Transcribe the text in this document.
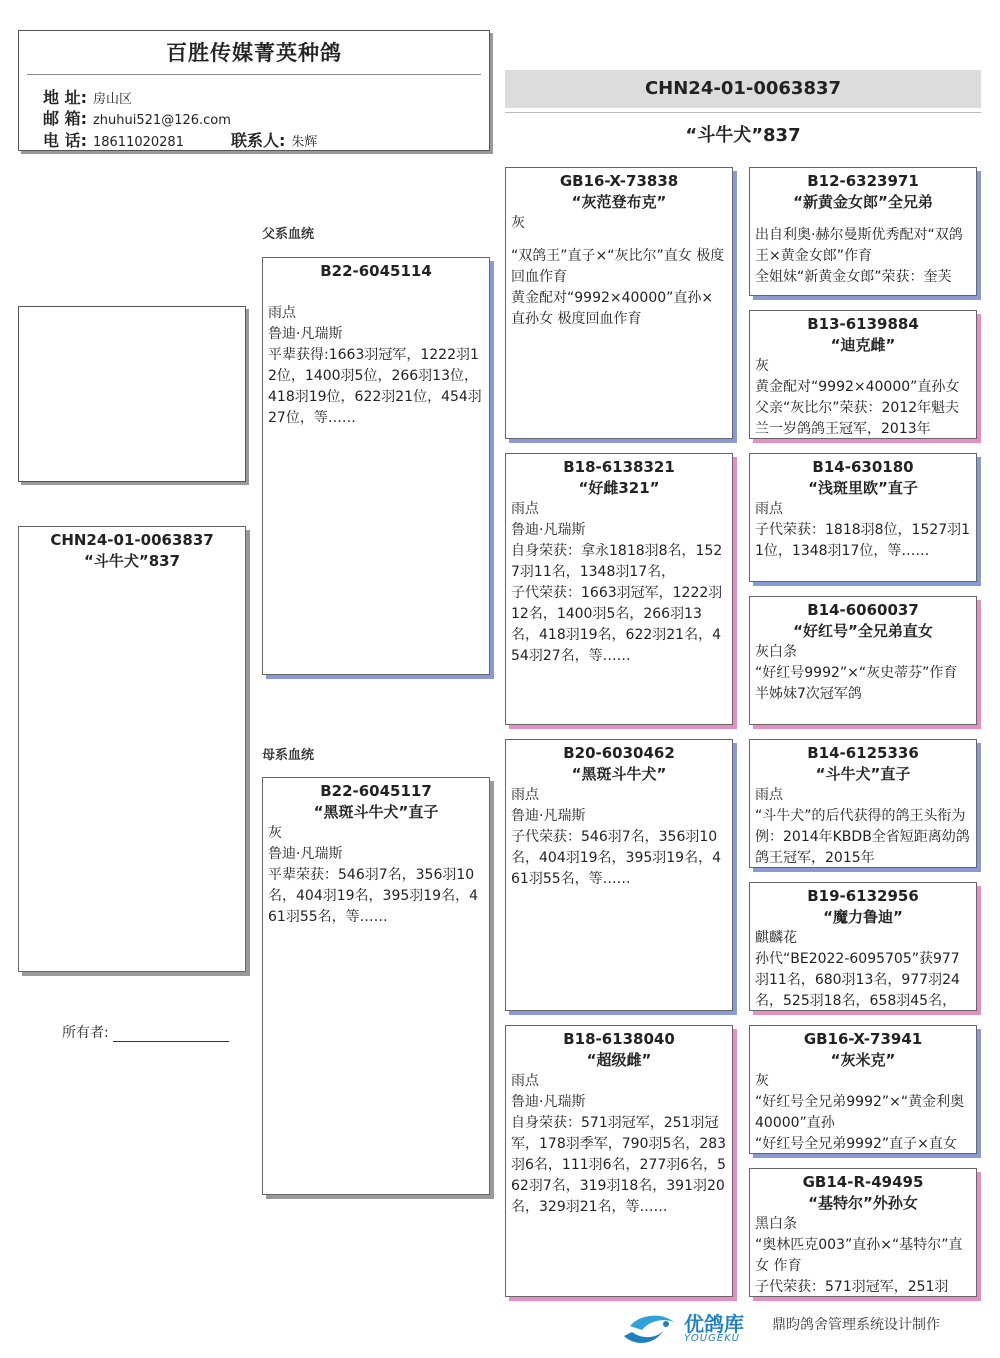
百胜传媒菁英种鸽
地 址: 房山区
邮 箱: zhuhui521@126.com
电 话: 18611020281	联系人: 朱辉
CHN24-01-0063837
“斗牛犬”837
父系血统
母系血统
CHN24-01-0063837
“斗牛犬”837
所有者:
B22-6045114
雨点
鲁迪·凡瑞斯
平辈获得:1663羽冠军，1222羽12位，1400羽5位，266羽13位，418羽19位，622羽21位，454羽27位，等……
B22-6045117
“黑斑斗牛犬”直子
灰
鲁迪·凡瑞斯
平辈荣获：546羽7名，356羽10名，404羽19名，395羽19名，461羽55名，等……
GB16-X-73838
“灰范登布克”
灰
“双鸽王”直子×“灰比尔”直女 极度回血作育
黄金配对“9992×40000”直孙×直孙女 极度回血作育
B18-6138321
“好雌321”
雨点
鲁迪·凡瑞斯
自身荣获：拿永1818羽8名，1527羽11名，1348羽17名，
子代荣获：1663羽冠军，1222羽12名，1400羽5名，266羽13名，418羽19名，622羽21名，454羽27名，等……
B20-6030462
“黑斑斗牛犬”
雨点
鲁迪·凡瑞斯
子代荣获：546羽7名，356羽10名，404羽19名，395羽19名，461羽55名，等……
B18-6138040
“超级雌”
雨点
鲁迪·凡瑞斯
自身荣获：571羽冠军，251羽冠军，178羽季军，790羽5名，283羽6名，111羽6名，277羽6名，562羽7名，319羽18名，391羽20名，329羽21名，等……
B12-6323971
“新黄金女郎”全兄弟
出自利奥·赫尔曼斯优秀配对“双鸽王×黄金女郎”作育
全姐妹“新黄金女郎”荣获：奎芙
B13-6139884
“迪克雌”
灰
黄金配对“9992×40000”直孙女
父亲“灰比尔”荣获：2012年魁夫兰一岁鸽鸽王冠军，2013年
B14-630180
“浅斑里欧”直子
雨点
子代荣获：1818羽8位，1527羽11位，1348羽17位，等……
B14-6060037
“好红号”全兄弟直女
灰白条
“好红号9992”×“灰史蒂芬”作育
半姊妹7次冠军鸽
B14-6125336
“斗牛犬”直子
雨点
“斗牛犬”的后代获得的鸽王头衔为例：2014年KBDB全省短距离幼鸽鸽王冠军，2015年
B19-6132956
“魔力鲁迪”
麒麟花
孙代“BE2022-6095705”获977羽11名，680羽13名，977羽24名，525羽18名，658羽45名，
GB16-X-73941
“灰米克”
灰
“好红号全兄弟9992”×“黄金利奥40000”直孙
“好红号全兄弟9992”直子×直女
GB14-R-49495
“基特尔”外孙女
黑白条
“奥林匹克003”直孙×“基特尔”直女 作育
子代荣获：571羽冠军，251羽
优鸽库
YOUGEKU
鼎昀鸽舍管理系统设计制作
